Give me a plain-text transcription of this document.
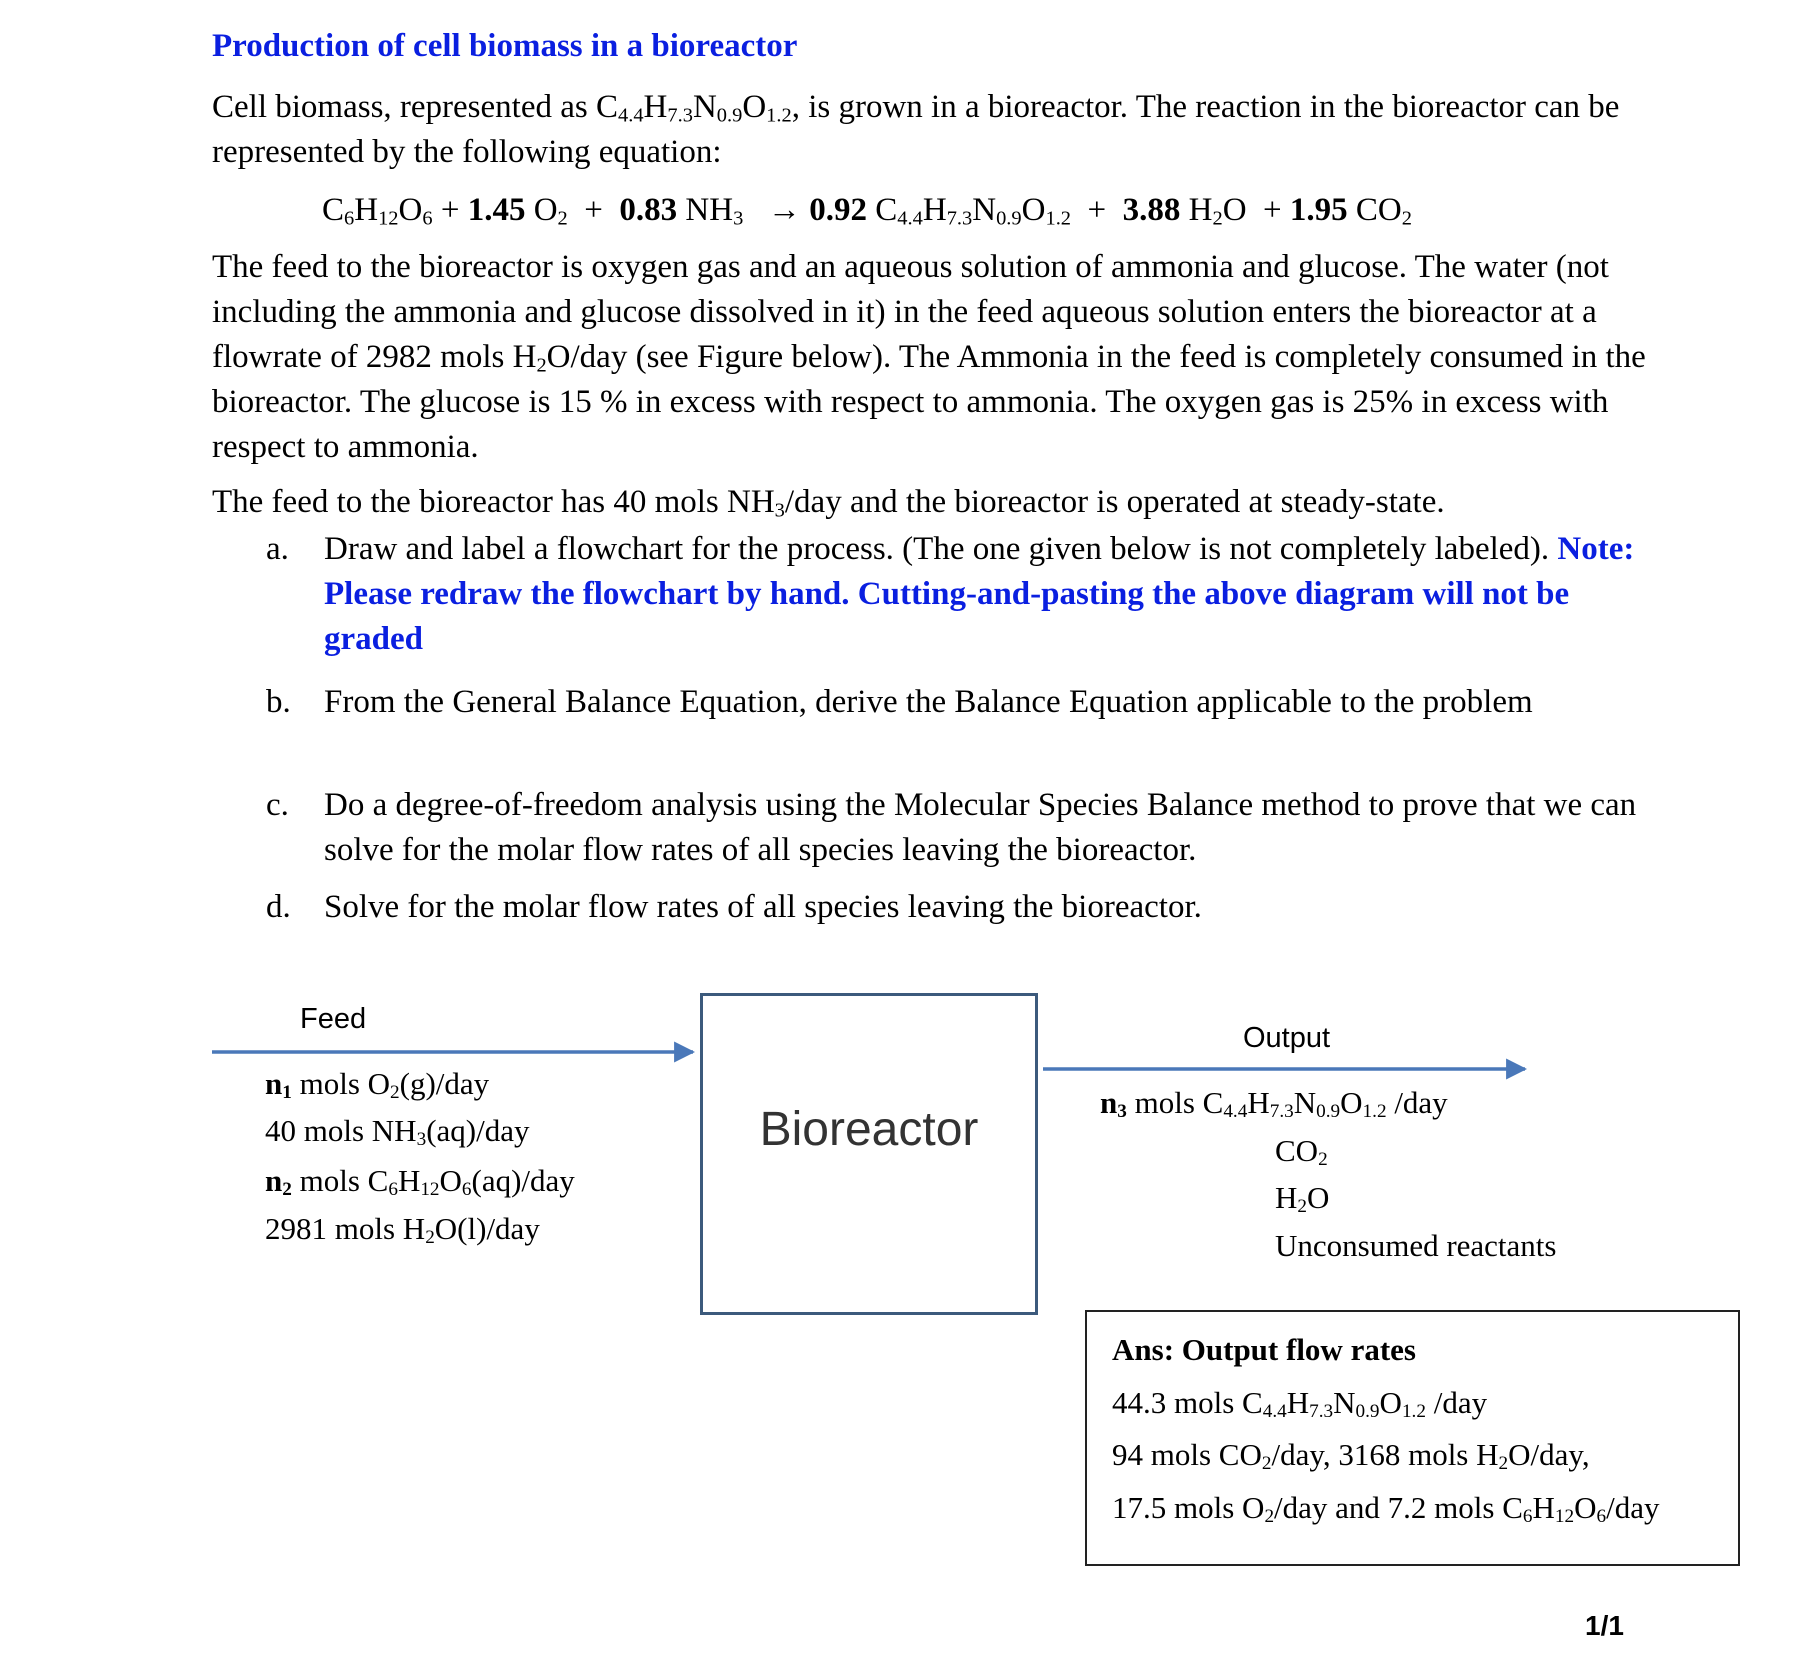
Production of cell biomass in a bioreactor
Cell biomass, represented as $C_{4.4}H_{7.3}N_{0.9}O_{1.2}$, is grown in a bioreactor. The reaction in the bioreactor can be represented by the following equation:
$C_6H_{12}O_6 + 1.45$ $O_2 + 0.83$ $NH_3 \to 0.92$ $C_{4.4}H_{7.3}N_{0.9}O_{1.2} + 3.88$ $H_2O + 1.95$ $CO_2$
The feed to the bioreactor is oxygen gas and an aqueous solution of ammonia and glucose. The water (not including the ammonia and glucose dissolved in it) in the feed aqueous solution enters the bioreactor at a flowrate of 2982 mols $H_2O$/day (see Figure below). The Ammonia in the feed is completely consumed in the bioreactor. The glucose is 15 % in excess with respect to ammonia. The oxygen gas is 25% in excess with respect to ammonia.
The feed to the bioreactor has 40 mols $NH_3$/day and the bioreactor is operated at steady-state.
a. Draw and label a flowchart for the process. (The one given below is not completely labeled). Note: Please redraw the flowchart by hand. Cutting-and-pasting the above diagram will not be graded
b. From the General Balance Equation, derive the Balance Equation applicable to the problem
c. Do a degree-of-freedom analysis using the Molecular Species Balance method to prove that we can solve for the molar flow rates of all species leaving the bioreactor.
d. Solve for the molar flow rates of all species leaving the bioreactor.
Feed
Bioreactor
Output
$n_1$ mols $O_2(g)$/day
40 mols $NH_3(aq)$/day
$n_2$ mols $C_6H_{12}O_6(aq)$/day
2981 mols $H_2O(l)$/day
$n_3$ mols $C_{4.4}H_{7.3}N_{0.9}O_{1.2}$ /day
$CO_2$
$H_2O$
Unconsumed reactants
Ans: Output flow rates
44.3 mols $C_{4.4}H_{7.3}N_{0.9}O_{1.2}$ /day
94 mols $CO_2$/day, 3168 mols $H_2O$/day,
17.5 mols $O_2$/day and 7.2 mols $C_6H_{12}O_6$/day
1/1
